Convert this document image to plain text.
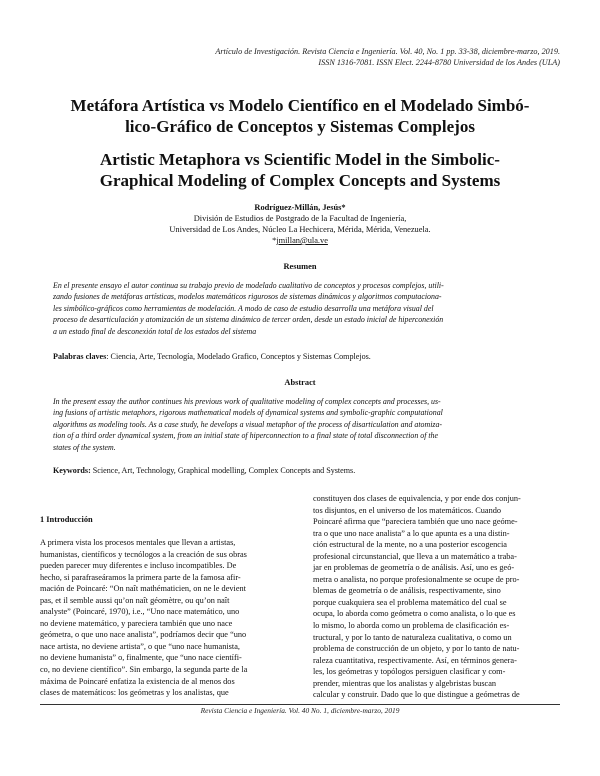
Artículo de Investigación. Revista Ciencia e Ingeniería. Vol. 40, No. 1 pp. 33-38, diciembre-marzo, 2019.
ISSN 1316-7081. ISSN Elect. 2244-8780 Universidad de los Andes (ULA)
Metáfora Artística vs Modelo Científico en el Modelado Simbó-
lico-Gráfico de Conceptos y Sistemas Complejos
Artistic Metaphora vs Scientific Model in the Simbolic-
Graphical Modeling of Complex Concepts and Systems
Rodríguez-Millán, Jesús*
División de Estudios de Postgrado de la Facultad de Ingeniería,
Universidad de Los Andes, Núcleo La Hechicera, Mérida, Mérida, Venezuela.
*jmillan@ula.ve
Resumen
En el presente ensayo el autor continua su trabajo previo de modelado cualitativo de conceptos y procesos complejos, utili-
zando fusiones de metáforas artísticas, modelos matemáticos rigurosos de sistemas dinámicos y algoritmos computaciona-
les simbólico-gráficos como herramientas de modelación. A modo de caso de estudio desarrolla una metáfora visual del
proceso de desarticulación y atomización de un sistema dinámico de tercer orden, desde un estado inicial de hiperconexión
a un estado final de desconexión total de los estados del sistema
Palabras claves: Ciencia, Arte, Tecnología, Modelado Grafico, Conceptos y Sistemas Complejos.
Abstract
In the present essay the author continues his previous work of qualitative modeling of complex concepts and processes, us-
ing fusions of artistic metaphors, rigorous mathematical models of dynamical systems and symbolic-graphic computational
algorithms as modeling tools. As a case study, he develops a visual metaphor of the process of disarticulation and atomiza-
tion of a third order dynamical system, from an initial state of hiperconnection to a final state of total disconnection of the
states of the system.
Keywords: Science, Art, Technology, Graphical modelling, Complex Concepts and Systems.
1 Introducción
A primera vista los procesos mentales que llevan a artistas,
humanistas, científicos y tecnólogos a la creación de sus obras
pueden parecer muy diferentes e incluso incompatibles. De
hecho, si parafraseáramos la primera parte de la famosa afir-
mación de Poincaré: “On naît mathématicien, on ne le devient
pas, et il semble aussi qu’on naît géomètre, ou qu’on naît
analyste” (Poincaré, 1970), i.e., “Uno nace matemático, uno
no deviene matemático, y pareciera también que uno nace
geómetra, o que uno nace analista”, podríamos decir que “uno
nace artista, no deviene artista”, o que “uno nace humanista,
no deviene humanista” o, finalmente, que “uno nace científi-
co, no deviene científico”. Sin embargo, la segunda parte de la
máxima de Poincaré enfatiza la existencia de al menos dos
clases de matemáticos: los geómetras y los analistas, que
constituyen dos clases de equivalencia, y por ende dos conjun-
tos disjuntos, en el universo de los matemáticos. Cuando
Poincaré afirma que “pareciera también que uno nace geóme-
tra o que uno nace analista” a lo que apunta es a una distin-
ción estructural de la mente, no a una posterior escogencia
profesional circunstancial, que lleva a un matemático a traba-
jar en problemas de geometría o de análisis. Así, uno es geó-
metra o analista, no porque profesionalmente se ocupe de pro-
blemas de geometría o de análisis, respectivamente, sino
porque cuakquiera sea el problema matemático del cual se
ocupa, lo aborda como geómetra o como analista, o lo que es
lo mismo, lo aborda como un problema de clasificación es-
tructural, y por lo tanto de naturaleza cualitativa, o como un
problema de construcción de un objeto, y por lo tanto de natu-
raleza cuantitativa, respectivamente. Así, en términos genera-
les, los geómetras y topólogos persiguen clasificar y com-
prender, mientras que los analistas y algebristas buscan
calcular y construir. Dado que lo que distingue a geómetras de
Revista Ciencia e Ingeniería. Vol. 40 No. 1, diciembre-marzo, 2019
